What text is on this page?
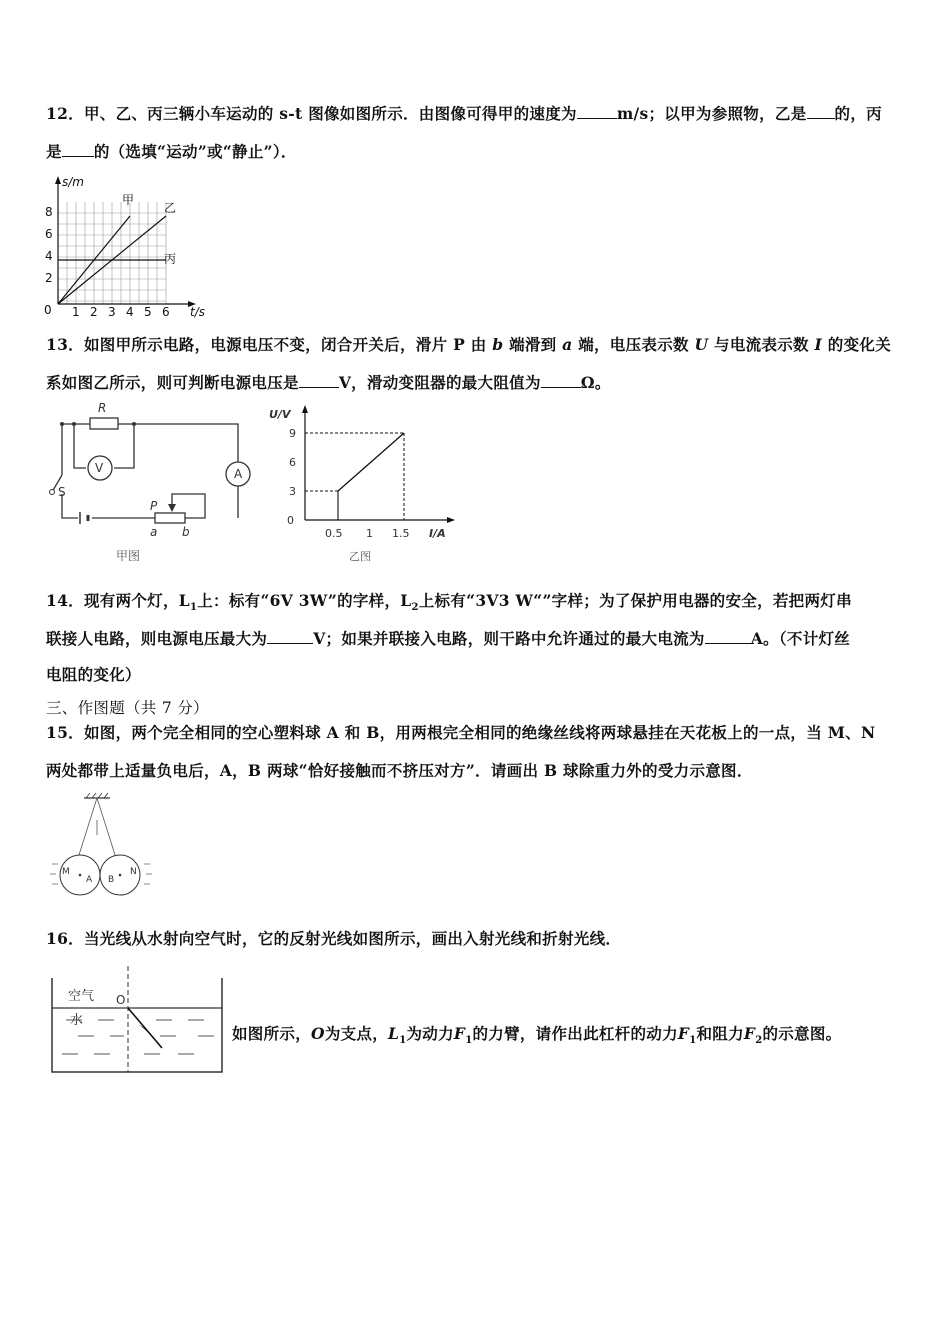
12．甲、乙、丙三辆小车运动的 s-t 图像如图所示．由图像可得甲的速度为	m/s；以甲为参照物，乙是 的，丙
是 的（选填“运动”或“静止”）．
s/m
t/s
0
8
6
4
2
1 2 3 4 5 6
甲
乙
丙
13．如图甲所示电路，电源电压不变，闭合开关后，滑片 P 由 b 端滑到 a 端，电压表示数 U 与电流表示数 I 的变化关
系如图乙所示，则可判断电源电压是	V，滑动变阻器的最大阻值为	Ω。
R
V	A
S
P
a b
甲图
U/V
0
3
6
9
0.5 1 1.5 I/A
乙图
14．现有两个灯，$L_1$上：标有“6V 3W”的字样，$L_2$上标有“3V3 W“”字样；为了保护用电器的安全，若把两灯串
联接人电路，则电源电压最大为	V；如果并联接入电路，则干路中允许通过的最大电流为	A。（不计灯丝
电阻的变化）
三、作图题（共 7 分）
15．如图，两个完全相同的空心塑料球 A 和 B，用两根完全相同的绝缘丝线将两球悬挂在天花板上的一点，当 M、N
两处都带上适量负电后，A，B 两球“恰好接触而不挤压对方”．请画出 B 球除重力外的受力示意图．
M
A B
N
16．当光线从水射向空气时，它的反射光线如图所示，画出入射光线和折射光线．
空气 O
水
如图所示，O为支点，$L_1$为动力$F_1$的力臂，请作出此杠杆的动力$F_1$和阻力$F_2$的示意图。
